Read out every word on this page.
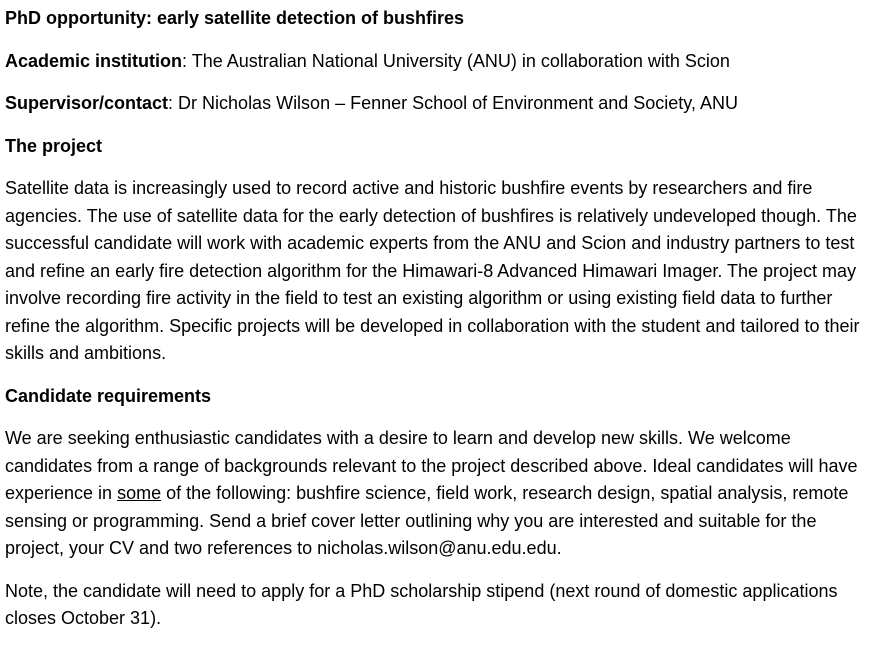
PhD opportunity: early satellite detection of bushfires

Academic institution: The Australian National University (ANU) in collaboration with Scion

Supervisor/contact: Dr Nicholas Wilson – Fenner School of Environment and Society, ANU

The project

Satellite data is increasingly used to record active and historic bushfire events by researchers and fire agencies. The use of satellite data for the early detection of bushfires is relatively undeveloped though. The successful candidate will work with academic experts from the ANU and Scion and industry partners to test and refine an early fire detection algorithm for the Himawari-8 Advanced Himawari Imager. The project may involve recording fire activity in the field to test an existing algorithm or using existing field data to further refine the algorithm. Specific projects will be developed in collaboration with the student and tailored to their skills and ambitions.

Candidate requirements

We are seeking enthusiastic candidates with a desire to learn and develop new skills. We welcome candidates from a range of backgrounds relevant to the project described above. Ideal candidates will have experience in some of the following: bushfire science, field work, research design, spatial analysis, remote sensing or programming. Send a brief cover letter outlining why you are interested and suitable for the project, your CV and two references to nicholas.wilson@anu.edu.edu.

Note, the candidate will need to apply for a PhD scholarship stipend (next round of domestic applications closes October 31).
